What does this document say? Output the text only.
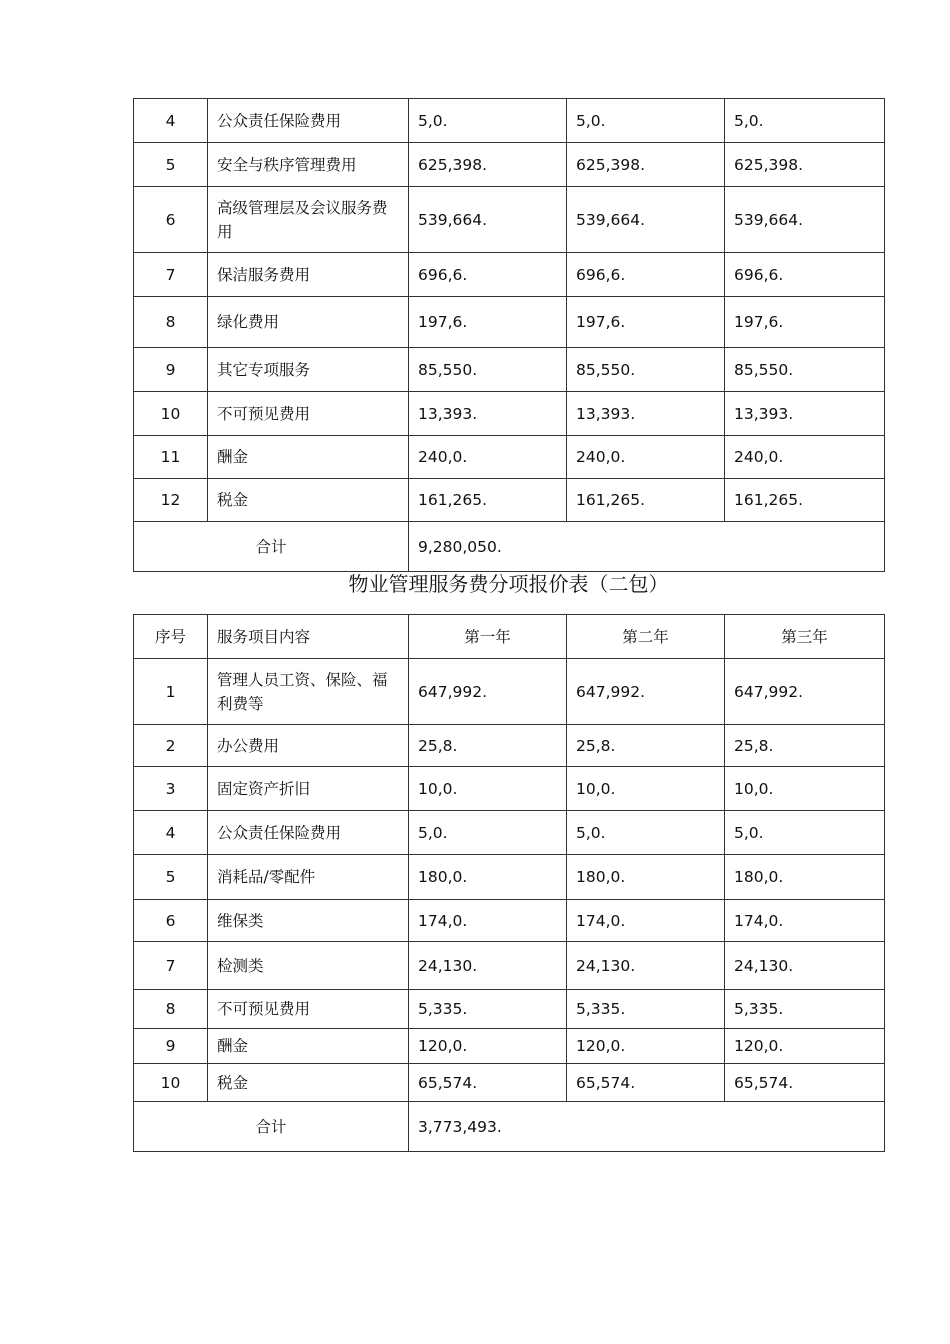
4	公众责任保险费用	5,0.	5,0.	5,0.
5	安全与秩序管理费用	625,398.	625,398.	625,398.
6	高级管理层及会议服务费用	539,664.	539,664.	539,664.
7	保洁服务费用	696,6.	696,6.	696,6.
8	绿化费用	197,6.	197,6.	197,6.
9	其它专项服务	85,550.	85,550.	85,550.
10	不可预见费用	13,393.	13,393.	13,393.
11	酬金	240,0.	240,0.	240,0.
12	税金	161,265.	161,265.	161,265.
合计		9,280,050.		
物业管理服务费分项报价表（二包）
序号	服务项目内容	第一年	第二年	第三年
1	管理人员工资、保险、福利费等	647,992.	647,992.	647,992.
2	办公费用	25,8.	25,8.	25,8.
3	固定资产折旧	10,0.	10,0.	10,0.
4	公众责任保险费用	5,0.	5,0.	5,0.
5	消耗品/零配件	180,0.	180,0.	180,0.
6	维保类	174,0.	174,0.	174,0.
7	检测类	24,130.	24,130.	24,130.
8	不可预见费用	5,335.	5,335.	5,335.
9	酬金	120,0.	120,0.	120,0.
10	税金	65,574.	65,574.	65,574.
合计		3,773,493.		
